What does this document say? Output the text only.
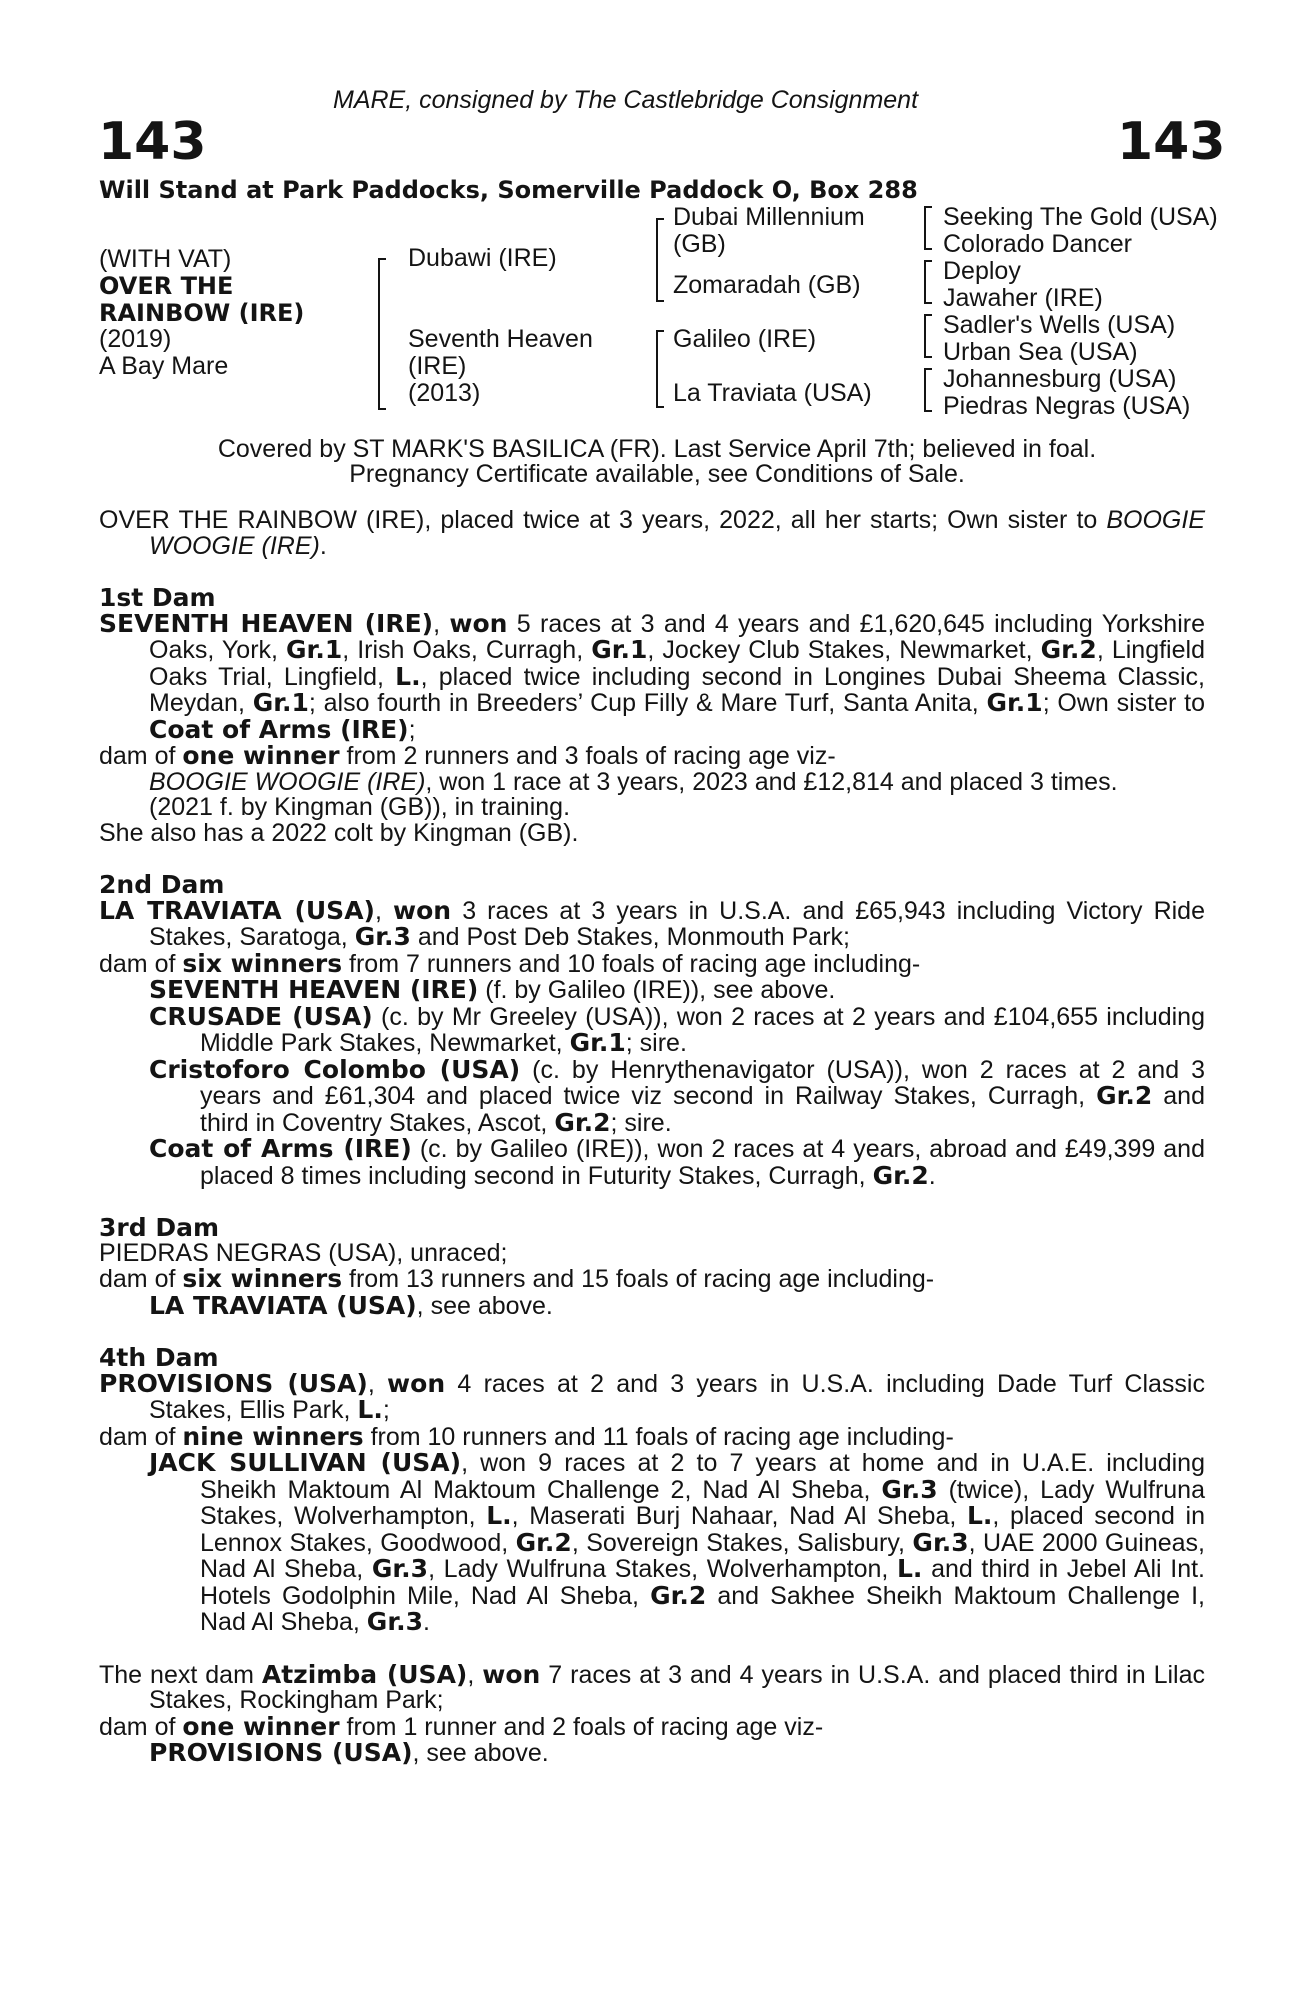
MARE, consigned by The Castlebridge Consignment
143	143
Will Stand at Park Paddocks, Somerville Paddock O, Box 288
(WITH VAT)
OVER THE
RAINBOW (IRE)
(2019)
A Bay Mare
Dubawi (IRE)
Seventh Heaven
(IRE)
(2013)
Dubai Millennium
(GB)
Zomaradah (GB)
Galileo (IRE)
La Traviata (USA)
Seeking The Gold (USA)
Colorado Dancer
Deploy
Jawaher (IRE)
Sadler's Wells (USA)
Urban Sea (USA)
Johannesburg (USA)
Piedras Negras (USA)
Covered by ST MARK'S BASILICA (FR). Last Service April 7th; believed in foal.
Pregnancy Certificate available, see Conditions of Sale.

OVER THE RAINBOW (IRE), placed twice at 3 years, 2022, all her starts; Own sister to BOOGIE WOOGIE (IRE).

1st Dam

SEVENTH HEAVEN (IRE), won 5 races at 3 and 4 years and £1,620,645 including Yorkshire Oaks, York, Gr.1, Irish Oaks, Curragh, Gr.1, Jockey Club Stakes, Newmarket, Gr.2, Lingfield Oaks Trial, Lingfield, L., placed twice including second in Longines Dubai Sheema Classic, Meydan, Gr.1; also fourth in Breeders’ Cup Filly & Mare Turf, Santa Anita, Gr.1; Own sister to Coat of Arms (IRE);

dam of one winner from 2 runners and 3 foals of racing age viz-

BOOGIE WOOGIE (IRE), won 1 race at 3 years, 2023 and £12,814 and placed 3 times.

(2021 f. by Kingman (GB)), in training.

She also has a 2022 colt by Kingman (GB).

2nd Dam

LA TRAVIATA (USA), won 3 races at 3 years in U.S.A. and £65,943 including Victory Ride Stakes, Saratoga, Gr.3 and Post Deb Stakes, Monmouth Park;

dam of six winners from 7 runners and 10 foals of racing age including-

SEVENTH HEAVEN (IRE) (f. by Galileo (IRE)), see above.

CRUSADE (USA) (c. by Mr Greeley (USA)), won 2 races at 2 years and £104,655 including Middle Park Stakes, Newmarket, Gr.1; sire.

Cristoforo Colombo (USA) (c. by Henrythenavigator (USA)), won 2 races at 2 and 3 years and £61,304 and placed twice viz second in Railway Stakes, Curragh, Gr.2 and third in Coventry Stakes, Ascot, Gr.2; sire.

Coat of Arms (IRE) (c. by Galileo (IRE)), won 2 races at 4 years, abroad and £49,399 and placed 8 times including second in Futurity Stakes, Curragh, Gr.2.

3rd Dam

PIEDRAS NEGRAS (USA), unraced;

dam of six winners from 13 runners and 15 foals of racing age including-

LA TRAVIATA (USA), see above.

4th Dam

PROVISIONS (USA), won 4 races at 2 and 3 years in U.S.A. including Dade Turf Classic Stakes, Ellis Park, L.;

dam of nine winners from 10 runners and 11 foals of racing age including-

JACK SULLIVAN (USA), won 9 races at 2 to 7 years at home and in U.A.E. including Sheikh Maktoum Al Maktoum Challenge 2, Nad Al Sheba, Gr.3 (twice), Lady Wulfruna Stakes, Wolverhampton, L., Maserati Burj Nahaar, Nad Al Sheba, L., placed second in Lennox Stakes, Goodwood, Gr.2, Sovereign Stakes, Salisbury, Gr.3, UAE 2000 Guineas, Nad Al Sheba, Gr.3, Lady Wulfruna Stakes, Wolverhampton, L. and third in Jebel Ali Int. Hotels Godolphin Mile, Nad Al Sheba, Gr.2 and Sakhee Sheikh Maktoum Challenge I, Nad Al Sheba, Gr.3.

The next dam Atzimba (USA), won 7 races at 3 and 4 years in U.S.A. and placed third in Lilac Stakes, Rockingham Park;

dam of one winner from 1 runner and 2 foals of racing age viz-

PROVISIONS (USA), see above.
